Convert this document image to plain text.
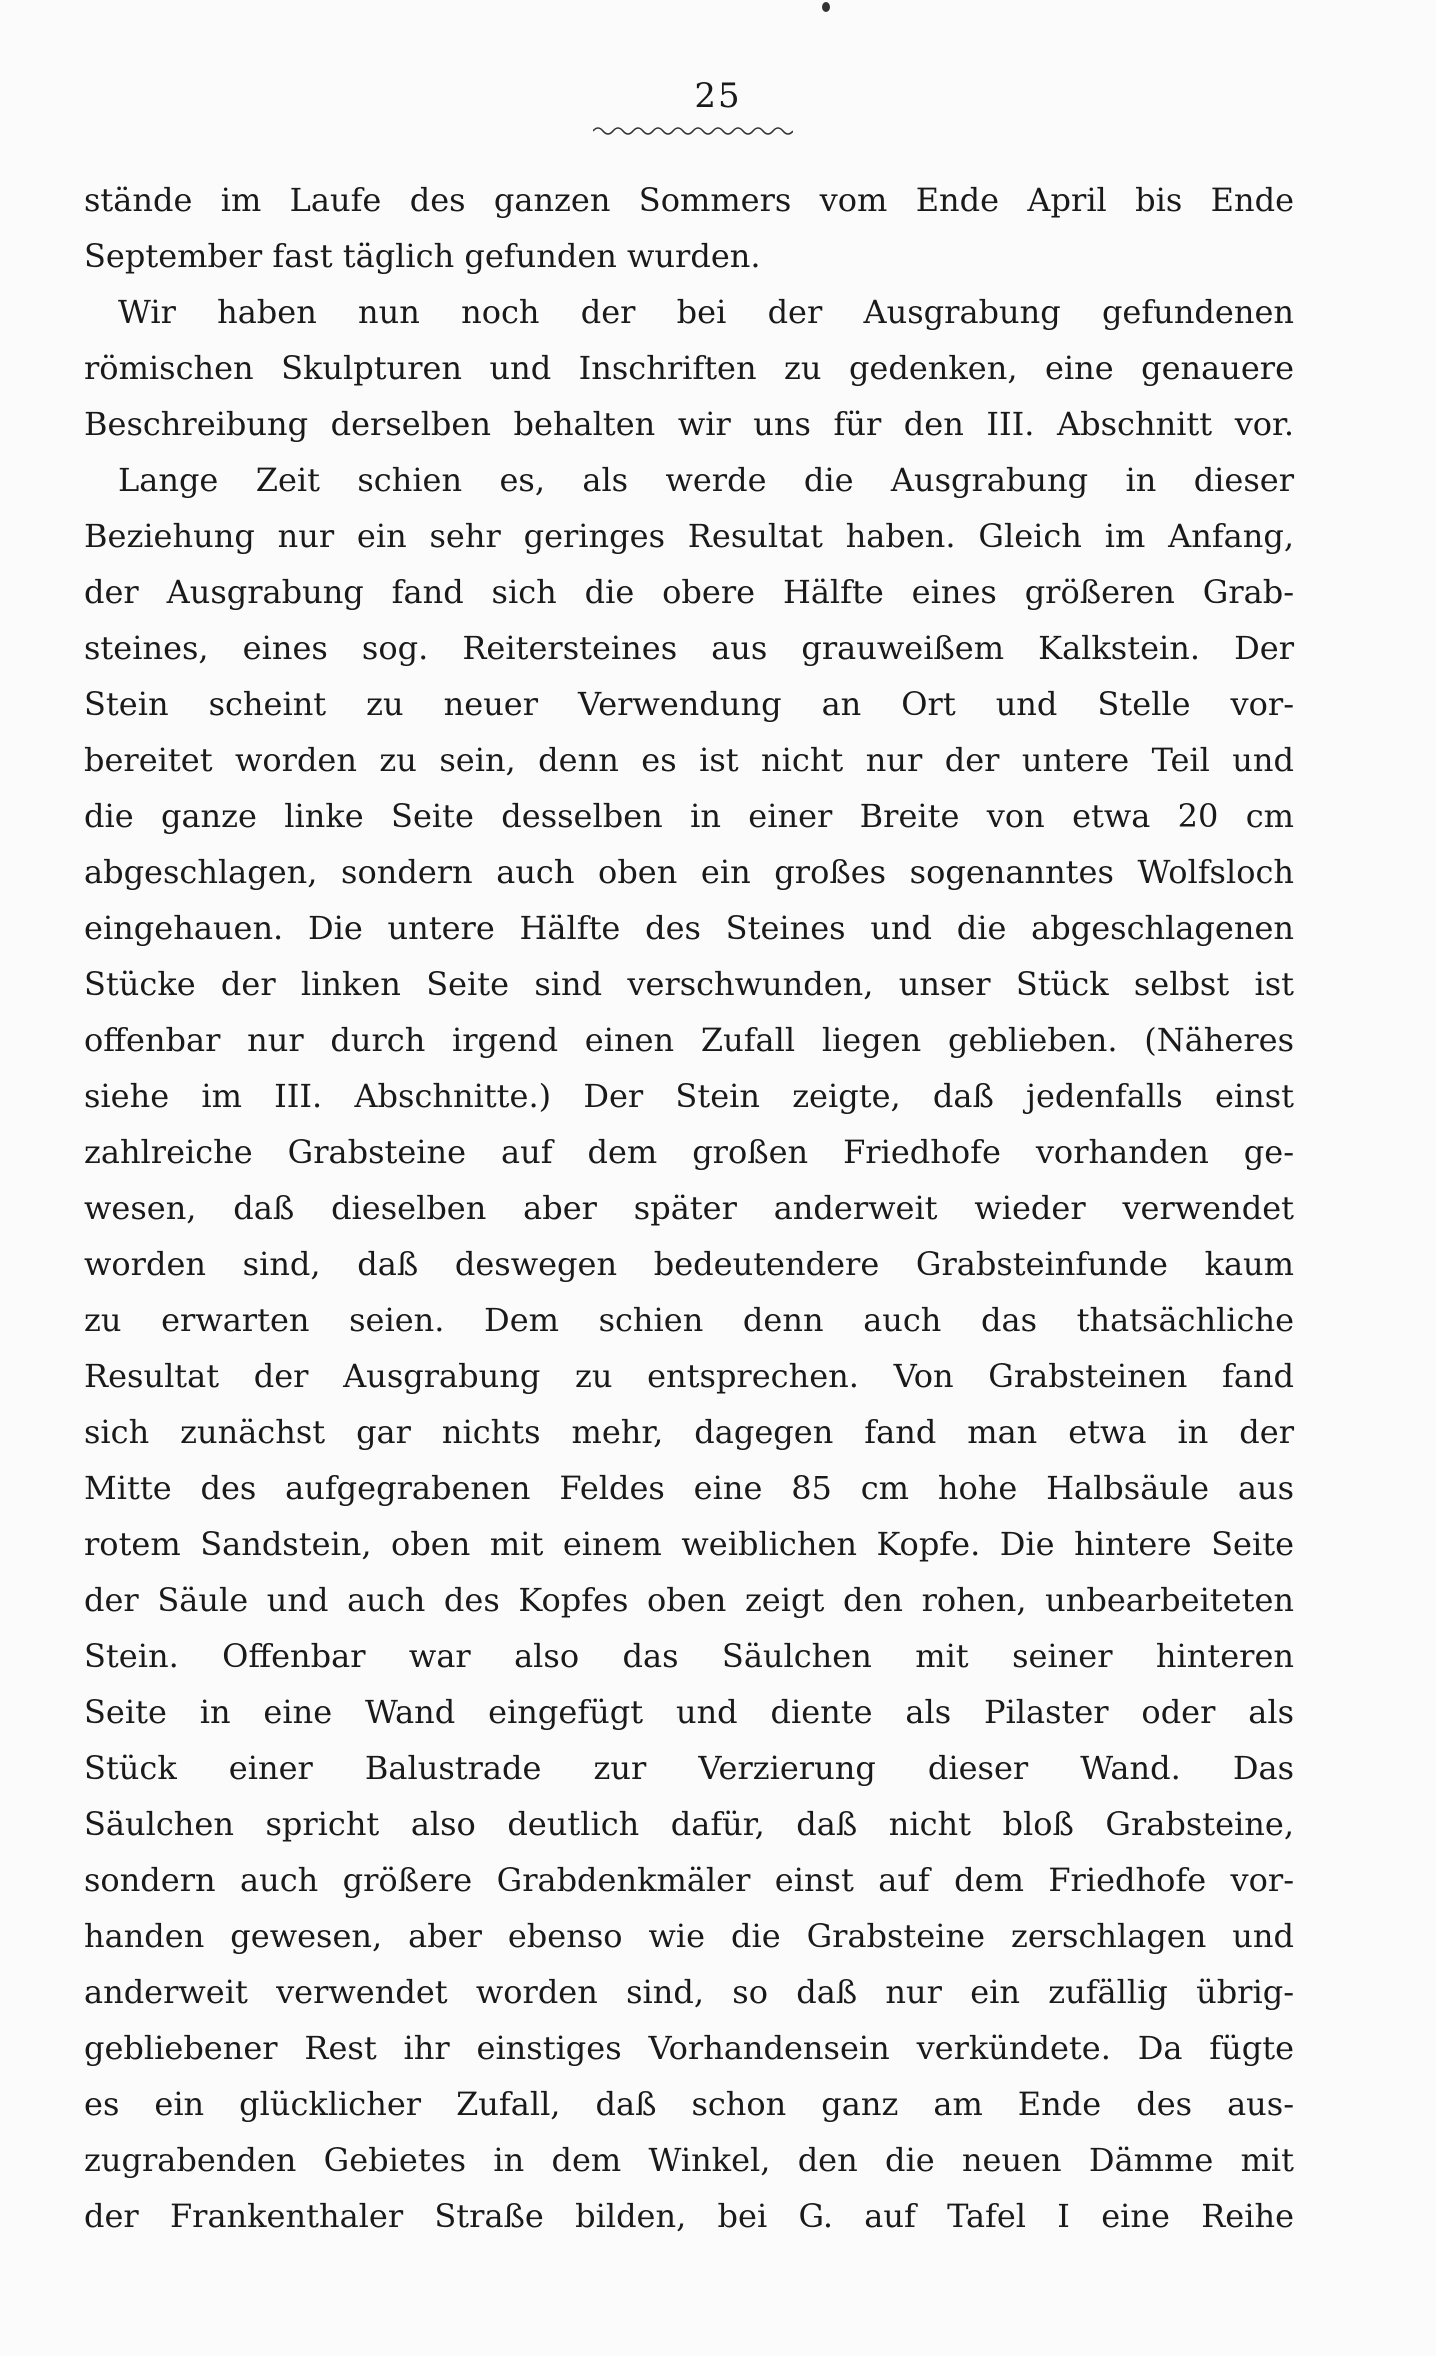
25
stände im Laufe des ganzen Sommers vom Ende April bis Ende
September fast täglich gefunden wurden.
Wir haben nun noch der bei der Ausgrabung gefundenen
römischen Skulpturen und Inschriften zu gedenken, eine genauere
Beschreibung derselben behalten wir uns für den III. Abschnitt vor.
Lange Zeit schien es, als werde die Ausgrabung in dieser
Beziehung nur ein sehr geringes Resultat haben. Gleich im Anfang,
der Ausgrabung fand sich die obere Hälfte eines größeren Grab-
steines, eines sog. Reitersteines aus grauweißem Kalkstein. Der
Stein scheint zu neuer Verwendung an Ort und Stelle vor-
bereitet worden zu sein, denn es ist nicht nur der untere Teil und
die ganze linke Seite desselben in einer Breite von etwa 20 cm
abgeschlagen, sondern auch oben ein großes sogenanntes Wolfsloch
eingehauen. Die untere Hälfte des Steines und die abgeschlagenen
Stücke der linken Seite sind verschwunden, unser Stück selbst ist
offenbar nur durch irgend einen Zufall liegen geblieben. (Näheres
siehe im III. Abschnitte.) Der Stein zeigte, daß jedenfalls einst
zahlreiche Grabsteine auf dem großen Friedhofe vorhanden ge-
wesen, daß dieselben aber später anderweit wieder verwendet
worden sind, daß deswegen bedeutendere Grabsteinfunde kaum
zu erwarten seien. Dem schien denn auch das thatsächliche
Resultat der Ausgrabung zu entsprechen. Von Grabsteinen fand
sich zunächst gar nichts mehr, dagegen fand man etwa in der
Mitte des aufgegrabenen Feldes eine 85 cm hohe Halbsäule aus
rotem Sandstein, oben mit einem weiblichen Kopfe. Die hintere Seite
der Säule und auch des Kopfes oben zeigt den rohen, unbearbeiteten
Stein. Offenbar war also das Säulchen mit seiner hinteren
Seite in eine Wand eingefügt und diente als Pilaster oder als
Stück einer Balustrade zur Verzierung dieser Wand. Das
Säulchen spricht also deutlich dafür, daß nicht bloß Grabsteine,
sondern auch größere Grabdenkmäler einst auf dem Friedhofe vor-
handen gewesen, aber ebenso wie die Grabsteine zerschlagen und
anderweit verwendet worden sind, so daß nur ein zufällig übrig-
gebliebener Rest ihr einstiges Vorhandensein verkündete. Da fügte
es ein glücklicher Zufall, daß schon ganz am Ende des aus-
zugrabenden Gebietes in dem Winkel, den die neuen Dämme mit
der Frankenthaler Straße bilden, bei G. auf Tafel I eine Reihe
